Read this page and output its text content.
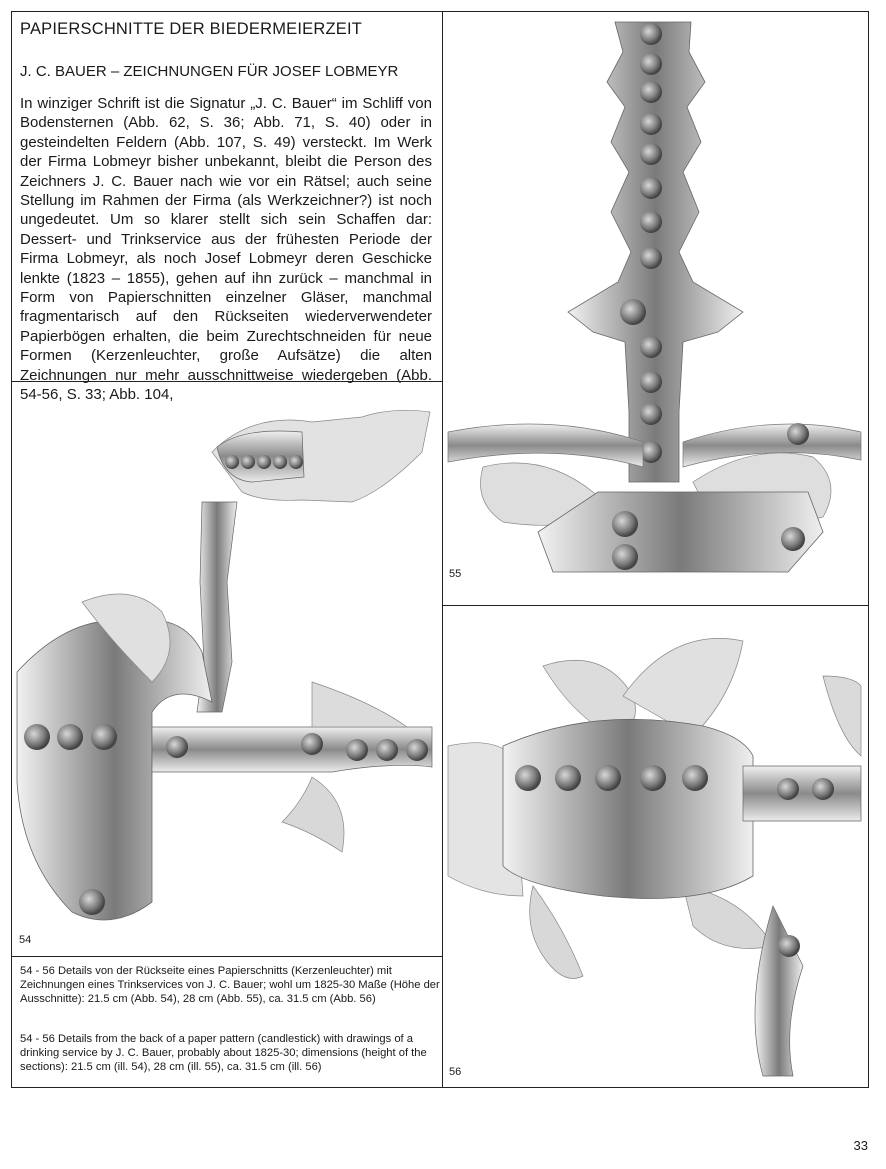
PAPIERSCHNITTE DER BIEDERMEIERZEIT
J. C. BAUER – ZEICHNUNGEN FÜR JOSEF LOBMEYR
In winziger Schrift ist die Signatur „J. C. Bauer“ im Schliff von Bodensternen (Abb. 62, S. 36; Abb. 71, S. 40) oder in gesteindelten Feldern (Abb. 107, S. 49) versteckt. Im Werk der Firma Lobmeyr bisher unbekannt, bleibt die Person des Zeichners J. C. Bauer nach wie vor ein Rätsel; auch seine Stellung im Rahmen der Firma (als Werkzeichner?) ist noch ungedeutet. Um so klarer stellt sich sein Schaffen dar: Dessert- und Trinkservice aus der frühesten Periode der Firma Lobmeyr, als noch Josef Lobmeyr deren Geschicke lenkte (1823 – 1855), gehen auf ihn zurück – manchmal in Form von Papierschnitten einzelner Gläser, manchmal fragmentarisch auf den Rückseiten wiederverwendeter Papierbögen erhalten, die beim Zurechtschneiden für neue Formen (Kerzenleuchter, große Aufsätze) die alten Zeichnungen nur mehr ausschnittweise wiedergeben (Abb. 54-56, S. 33; Abb. 104,
55
54
54 - 56 Details von der Rückseite eines Papierschnitts (Kerzenleuchter) mit Zeichnungen eines Trinkservices von J. C. Bauer; wohl um 1825-30 Maße (Höhe der Ausschnitte): 21.5 cm (Abb. 54), 28 cm (Abb. 55), ca. 31.5 cm (Abb. 56)
54 - 56 Details from the back of a paper pattern (candlestick) with drawings of a drinking service by J. C. Bauer, probably about 1825-30; dimensions (height of the sections): 21.5 cm (ill. 54), 28 cm (ill. 55), ca. 31.5 cm (ill. 56)	56
33
